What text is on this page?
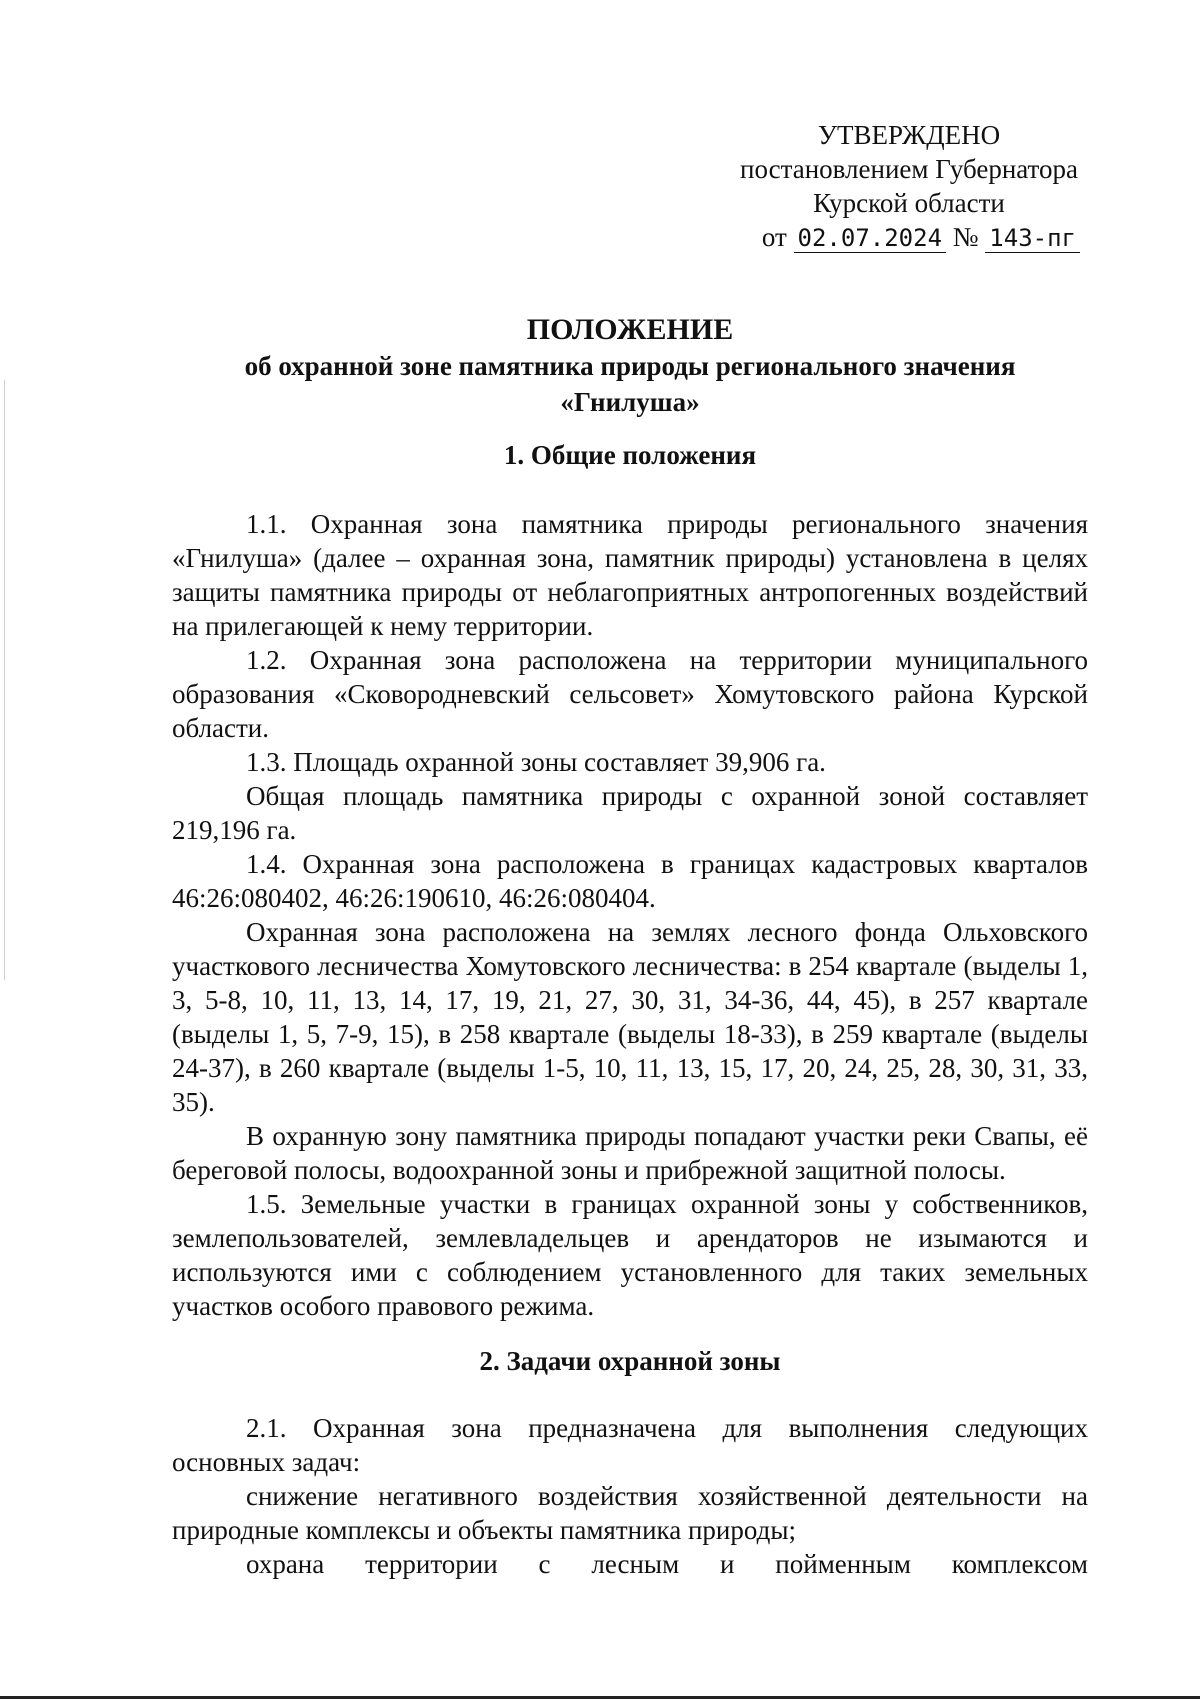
УТВЕРЖДЕНО
постановлением Губернатора
Курской области
от 02.07.2024 № 143-пг
ПОЛОЖЕНИЕ
об охранной зоне памятника природы регионального значения
«Гнилуша»
1. Общие положения

1.1. Охранная зона памятника природы регионального значения «Гнилуша» (далее – охранная зона, памятник природы) установлена в целях защиты памятника природы от неблагоприятных антропогенных воздействий на прилегающей к нему территории.

1.2. Охранная зона расположена на территории муниципального образования «Сковородневский сельсовет» Хомутовского района Курской области.

1.3. Площадь охранной зоны составляет 39,906 га.

Общая площадь памятника природы с охранной зоной составляет 219,196 га.

1.4. Охранная зона расположена в границах кадастровых кварталов 46:26:080402, 46:26:190610, 46:26:080404.

Охранная зона расположена на землях лесного фонда Ольховского участкового лесничества Хомутовского лесничества: в 254 квартале (выделы 1, 3, 5-8, 10, 11, 13, 14, 17, 19, 21, 27, 30, 31, 34-36, 44, 45), в 257 квартале (выделы 1, 5, 7-9, 15), в 258 квартале (выделы 18-33), в 259 квартале (выделы 24-37), в 260 квартале (выделы 1-5, 10, 11, 13, 15, 17, 20, 24, 25, 28, 30, 31, 33, 35).

В охранную зону памятника природы попадают участки реки Свапы, её береговой полосы, водоохранной зоны и прибрежной защитной полосы.

1.5. Земельные участки в границах охранной зоны у собственников, землепользователей, землевладельцев и арендаторов не изымаются и используются ими с соблюдением установленного для таких земельных участков особого правового режима.

2. Задачи охранной зоны

2.1. Охранная зона предназначена для выполнения следующих основных задач:

снижение негативного воздействия хозяйственной деятельности на природные комплексы и объекты памятника природы;

охрана территории с лесным и пойменным комплексом
